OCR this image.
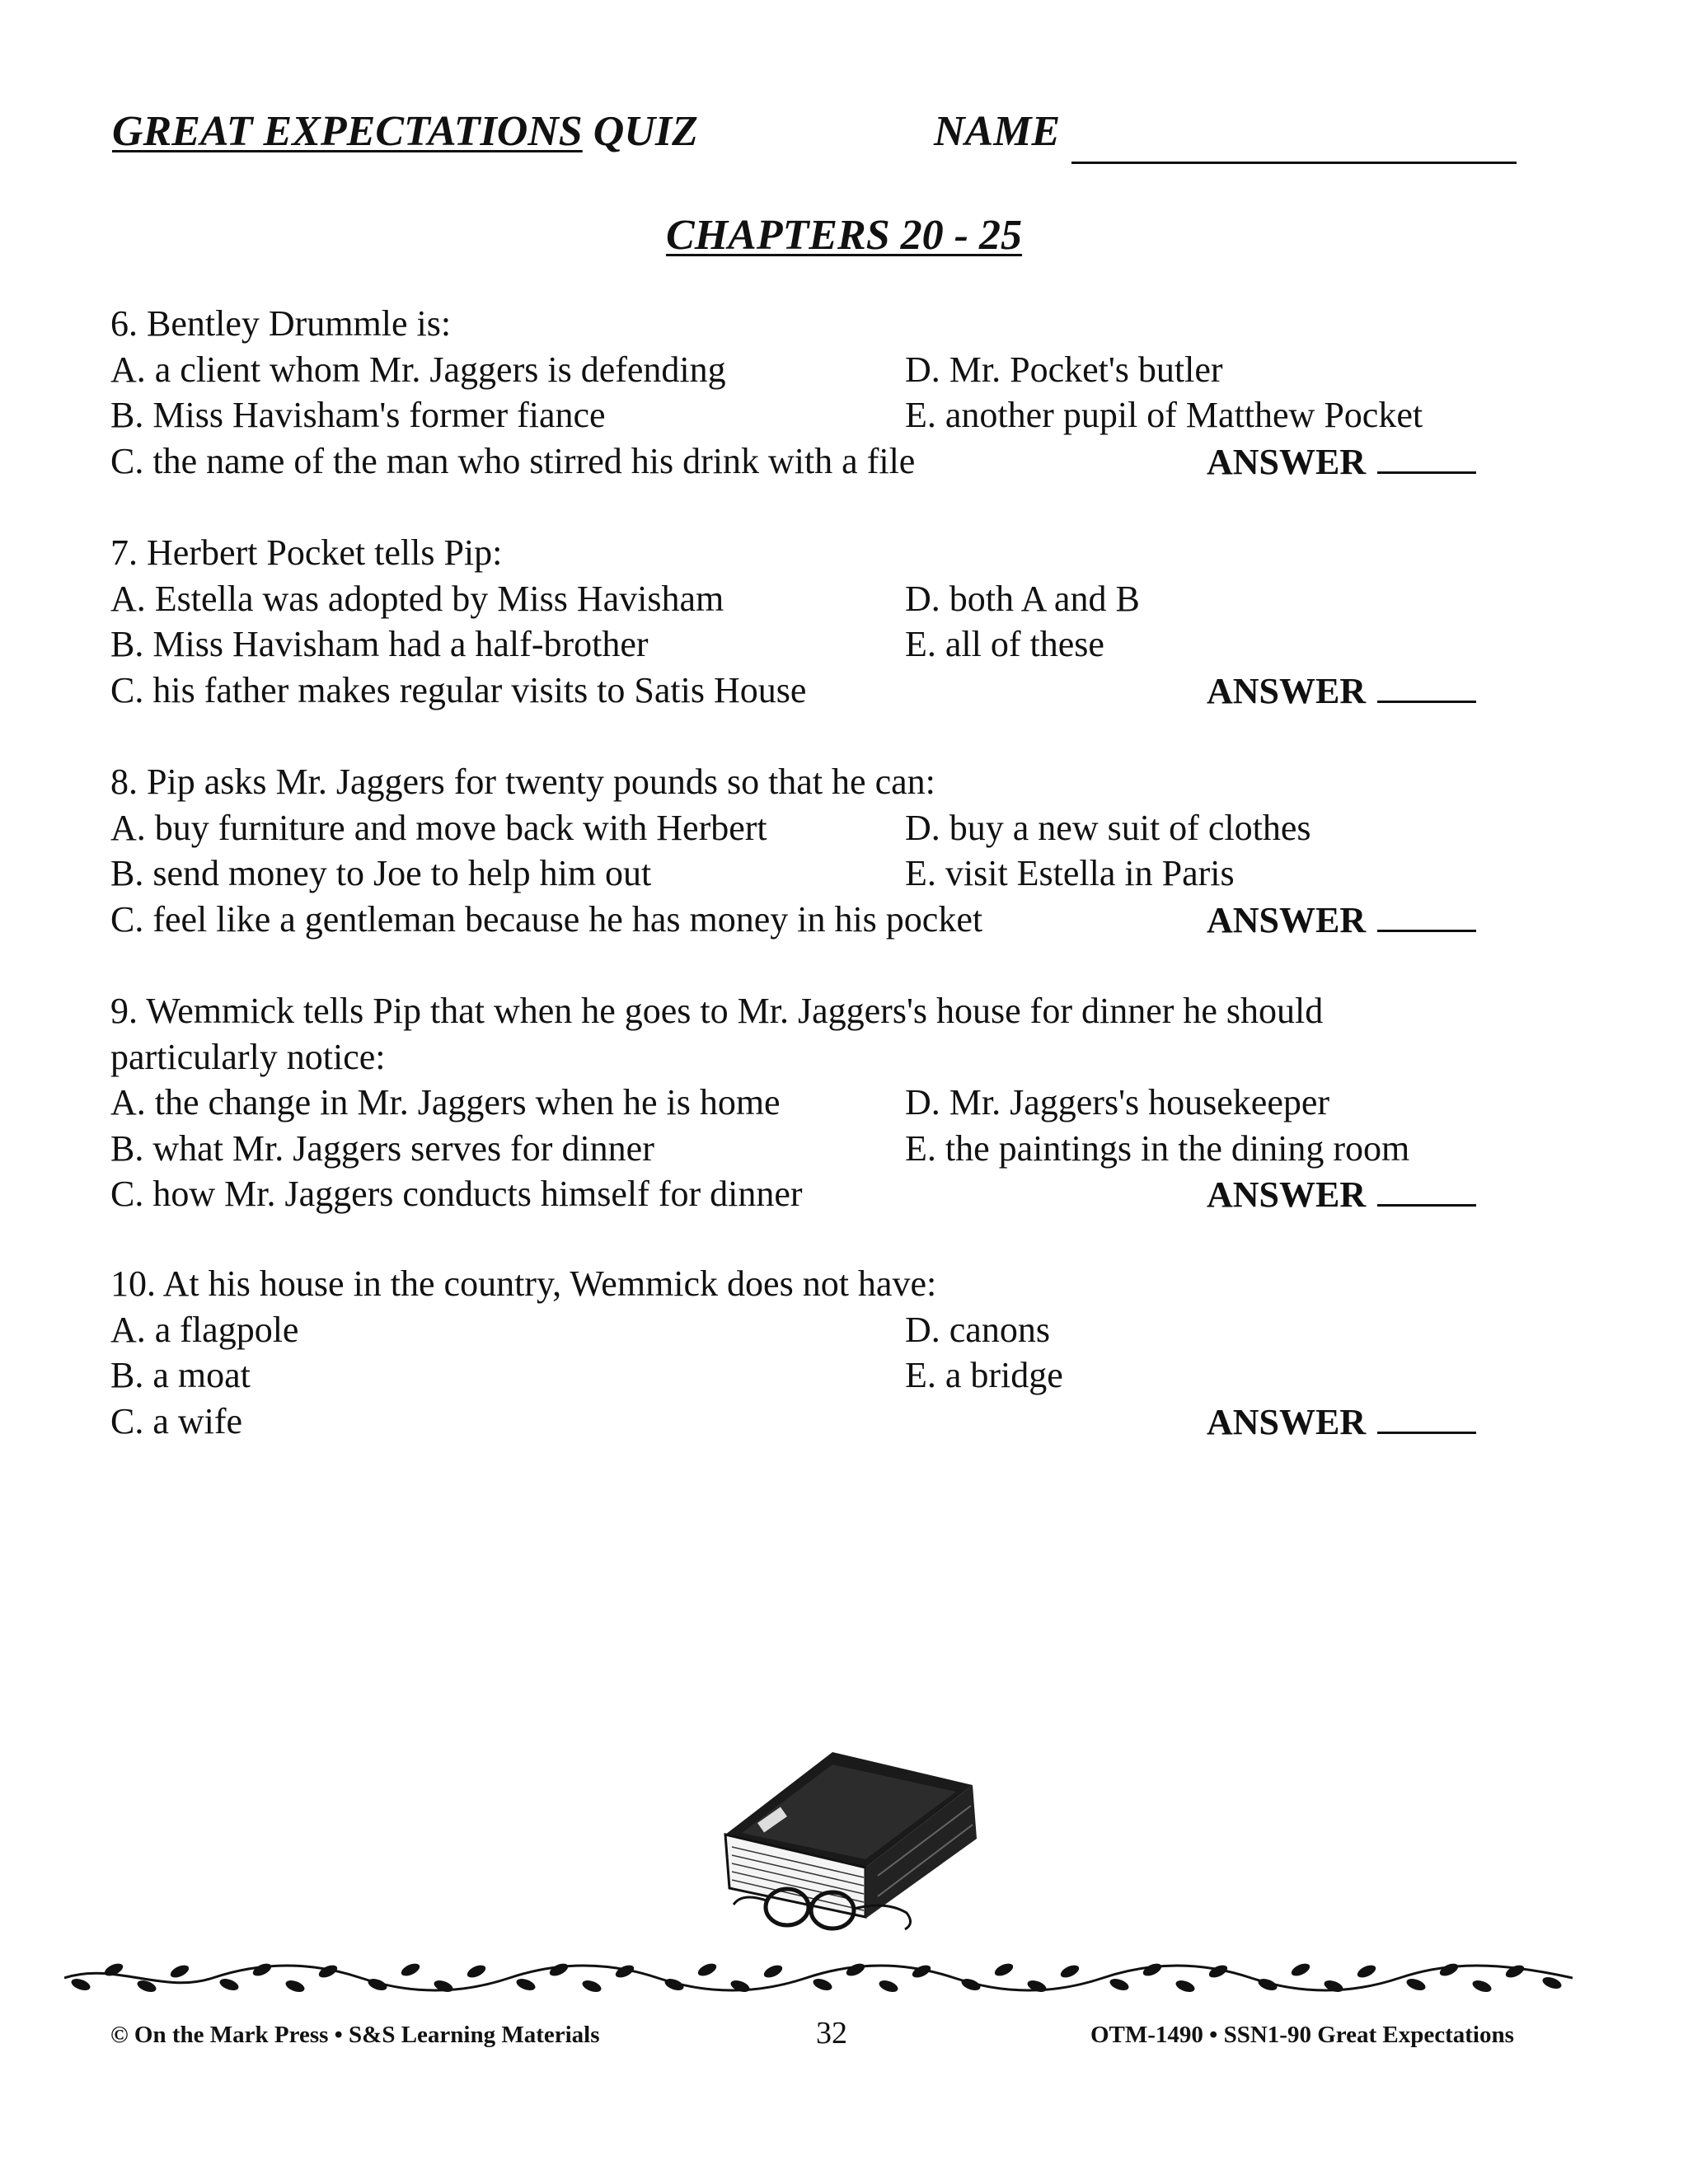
GREAT EXPECTATIONS QUIZ	NAME
CHAPTERS 20 - 25
6. Bentley Drummle is:
A. a client whom Mr. Jaggers is defending	D. Mr. Pocket's butler
B. Miss Havisham's former fiance	E. another pupil of Matthew Pocket
C. the name of the man who stirred his drink with a file	ANSWER
7. Herbert Pocket tells Pip:
A. Estella was adopted by Miss Havisham	D. both A and B
B. Miss Havisham had a half-brother	E. all of these
C. his father makes regular visits to Satis House	ANSWER
8. Pip asks Mr. Jaggers for twenty pounds so that he can:
A. buy furniture and move back with Herbert	D. buy a new suit of clothes
B. send money to Joe to help him out	E. visit Estella in Paris
C. feel like a gentleman because he has money in his pocket	ANSWER
9. Wemmick tells Pip that when he goes to Mr. Jaggers's house for dinner he should
particularly notice:
A. the change in Mr. Jaggers when he is home	D. Mr. Jaggers's housekeeper
B. what Mr. Jaggers serves for dinner	E. the paintings in the dining room
C. how Mr. Jaggers conducts himself for dinner	ANSWER
10. At his house in the country, Wemmick does not have:
A. a flagpole	D. canons
B. a moat	E. a bridge
C. a wife	ANSWER
© On the Mark Press • S&S Learning Materials	32	OTM-1490 • SSN1-90 Great Expectations
